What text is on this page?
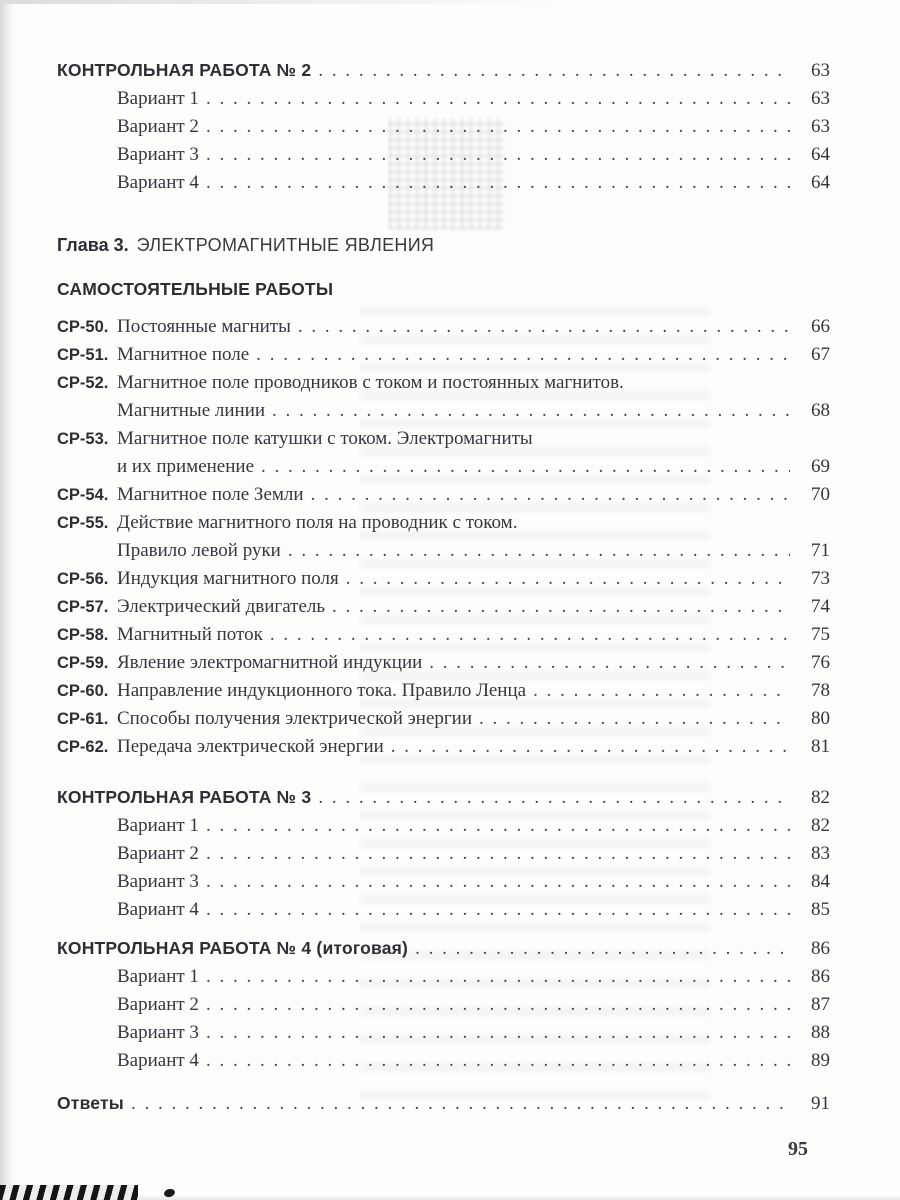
КОНТРОЛЬНАЯ РАБОТА № 2 . . .	63
Вариант 1 . . .	63
Вариант 2 . . .	63
Вариант 3 . . .	64
Вариант 4 . . .	64
Глава 3. ЭЛЕКТРОМАГНИТНЫЕ ЯВЛЕНИЯ
САМОСТОЯТЕЛЬНЫЕ РАБОТЫ
СР-50. Постоянные магниты . . .	66
СР-51. Магнитное поле . . .	67
СР-52. Магнитное поле проводников с током и постоянных магнитов.
Магнитные линии . . .	68
СР-53. Магнитное поле катушки с током. Электромагниты
и их применение . . .	69
СР-54. Магнитное поле Земли . . .	70
СР-55. Действие магнитного поля на проводник с током.
Правило левой руки . . .	71
СР-56. Индукция магнитного поля . . .	73
СР-57. Электрический двигатель . . .	74
СР-58. Магнитный поток . . .	75
СР-59. Явление электромагнитной индукции . . .	76
СР-60. Направление индукционного тока. Правило Ленца . . .	78
СР-61. Способы получения электрической энергии . . .	80
СР-62. Передача электрической энергии . . .	81
КОНТРОЛЬНАЯ РАБОТА № 3 . . .	82
Вариант 1 . . .	82
Вариант 2 . . .	83
Вариант 3 . . .	84
Вариант 4 . . .	85
КОНТРОЛЬНАЯ РАБОТА № 4 (итоговая) . . .	86
Вариант 1 . . .	86
Вариант 2 . . .	87
Вариант 3 . . .	88
Вариант 4 . . .	89
Ответы . . .	91
95
